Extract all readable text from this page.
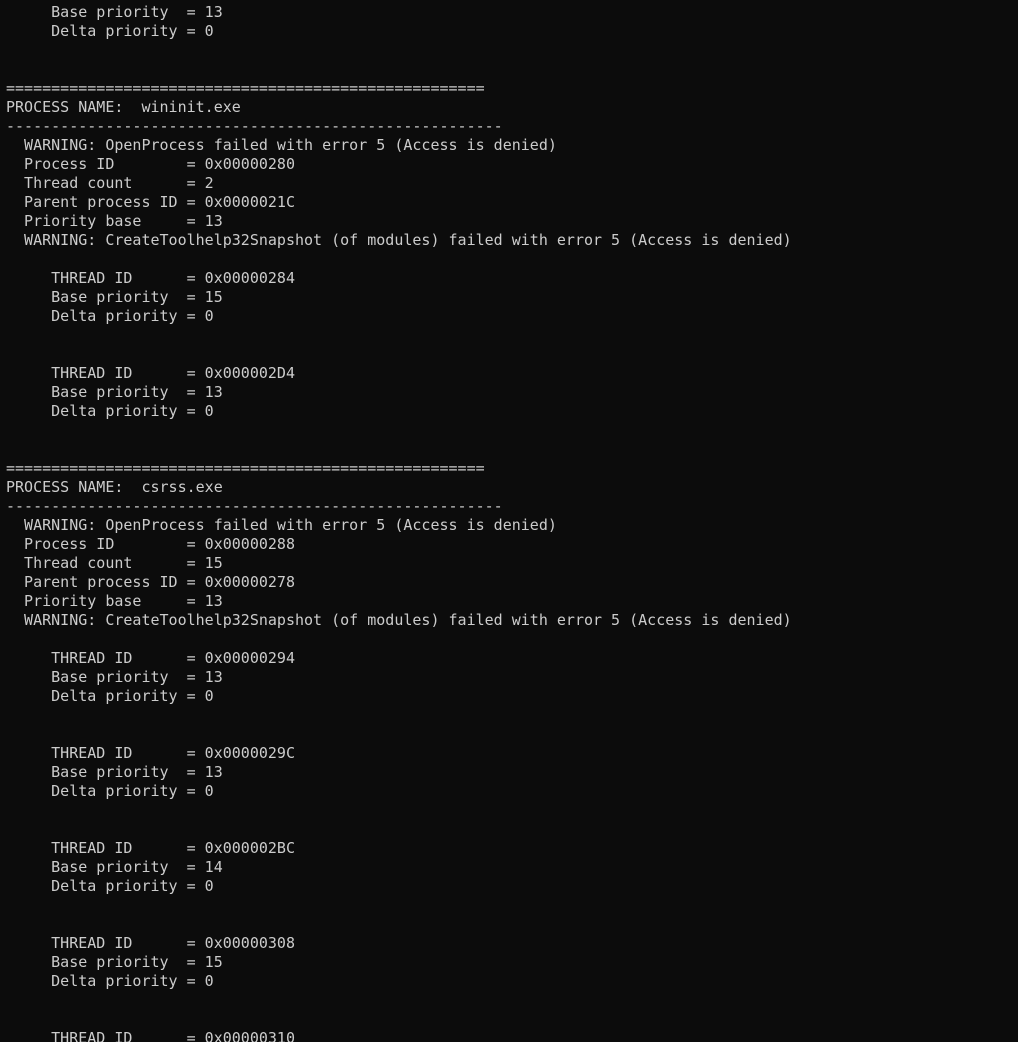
Base priority  = 13
Delta priority = 0
=====================================================
PROCESS NAME:  wininit.exe
-------------------------------------------------------
WARNING: OpenProcess failed with error 5 (Access is denied)
Process ID        = 0x00000280
Thread count      = 2
Parent process ID = 0x0000021C
Priority base     = 13
WARNING: CreateToolhelp32Snapshot (of modules) failed with error 5 (Access is denied)
THREAD ID      = 0x00000284
Base priority  = 15
Delta priority = 0
THREAD ID      = 0x000002D4
Base priority  = 13
Delta priority = 0
=====================================================
PROCESS NAME:  csrss.exe
-------------------------------------------------------
WARNING: OpenProcess failed with error 5 (Access is denied)
Process ID        = 0x00000288
Thread count      = 15
Parent process ID = 0x00000278
Priority base     = 13
WARNING: CreateToolhelp32Snapshot (of modules) failed with error 5 (Access is denied)
THREAD ID      = 0x00000294
Base priority  = 13
Delta priority = 0
THREAD ID      = 0x0000029C
Base priority  = 13
Delta priority = 0
THREAD ID      = 0x000002BC
Base priority  = 14
Delta priority = 0
THREAD ID      = 0x00000308
Base priority  = 15
Delta priority = 0
THREAD ID      = 0x00000310
